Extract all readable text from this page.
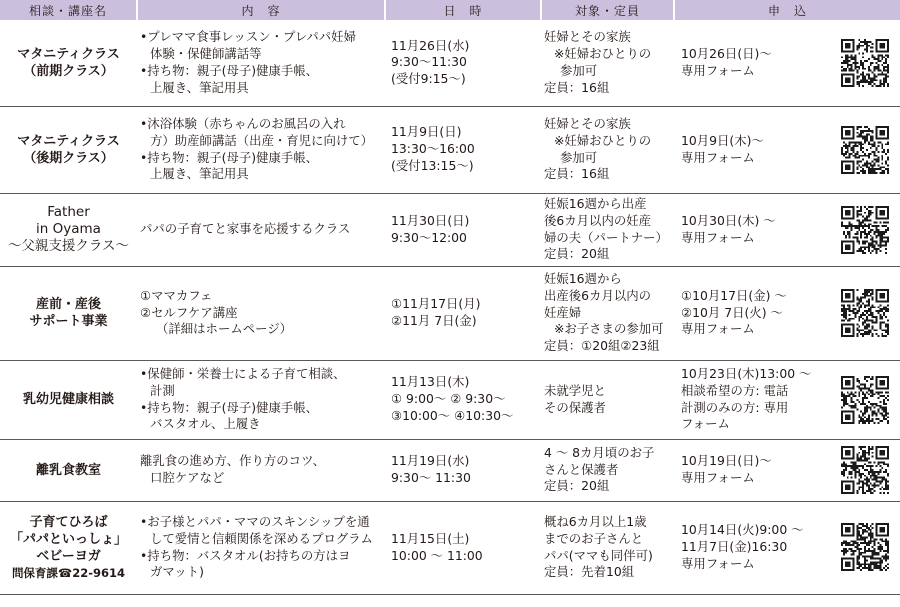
相談・講座名	内　容	日　時	対象・定員	申　込

マタニティクラス
（前期クラス）	•プレママ食事レッスン・プレパパ妊婦
体験・保健師講話等
•持ち物：親子(母子)健康手帳、
上履き、筆記用具	11月26日(水)
9:30〜11:30
(受付9:15〜)	妊婦とその家族
※妊婦おひとりの
参加可
定員：16組	10月26日(日)〜
専用フォーム

マタニティクラス
（後期クラス）	•沐浴体験（赤ちゃんのお風呂の入れ
方）助産師講話（出産・育児に向けて）
•持ち物：親子(母子)健康手帳、
上履き、筆記用具	11月9日(日)
13:30〜16:00
(受付13:15〜)	妊婦とその家族
※妊婦おひとりの
参加可
定員：16組	10月9日(木)〜
専用フォーム

Father
in Oyama
〜父親支援クラス〜	パパの子育てと家事を応援するクラス	11月30日(日)
9:30〜12:00	妊娠16週から出産
後6カ月以内の妊産
婦の夫（パートナー）
定員：20組	10月30日(木) 〜
専用フォーム

産前・産後
サポート事業	①ママカフェ
②セルフケア講座
（詳細はホームページ）	①11月17日(月)
②11月 7日(金)	妊娠16週から
出産後6カ月以内の
妊産婦
※お子さまの参加可
定員：①20組②23組	①10月17日(金) 〜
②10月 7日(火) 〜
専用フォーム

乳幼児健康相談	•保健師・栄養士による子育て相談、
計測
•持ち物：親子(母子)健康手帳、
バスタオル、上履き	11月13日(木)
① 9:00〜 ② 9:30〜
③10:00〜 ④10:30〜	未就学児と
その保護者	10月23日(木)13:00 〜
相談希望の方: 電話
計測のみの方: 専用
フォーム

離乳食教室	離乳食の進め方、作り方のコツ、
口腔ケアなど	11月19日(水)
9:30〜 11:30	4 〜 8カ月頃のお子
さんと保護者
定員：20組	10月19日(日)〜
専用フォーム

子育てひろば
「パパといっしょ」
ベビーヨガ
問保育課☎22-9614	•お子様とパパ・ママのスキンシップを通
して愛情と信頼関係を深めるプログラム
•持ち物：バスタオル(お持ちの方はヨ
ガマット)	11月15日(土)
10:00 〜 11:00	概ね6カ月以上1歳
までのお子さんと
パパ(ママも同伴可)
定員：先着10組	10月14日(火)9:00 〜
11月7日(金)16:30
専用フォーム
